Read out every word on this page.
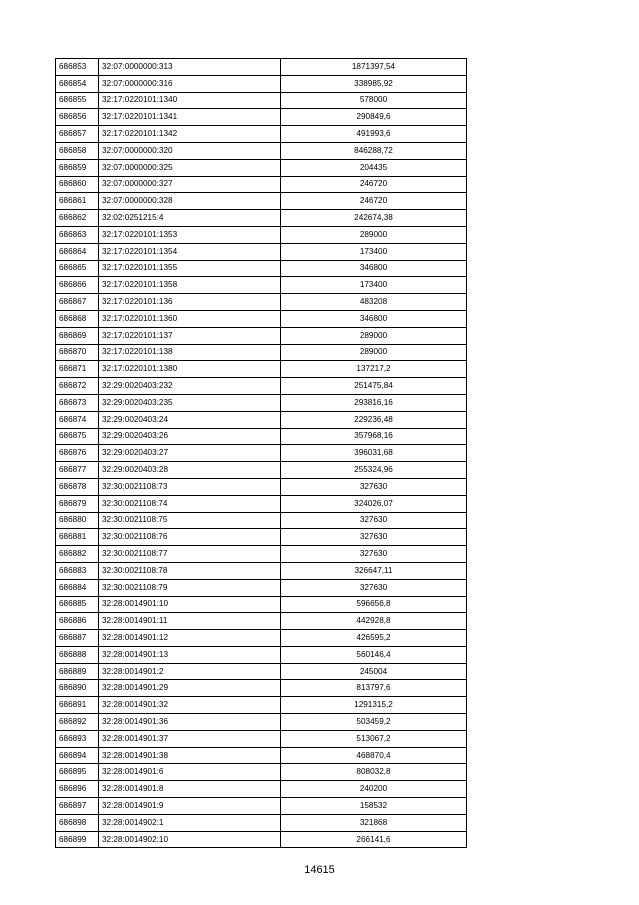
686853	32:07:0000000:313	1871397,54
686854	32:07:0000000:316	338985,92
686855	32:17:0220101:1340	578000
686856	32:17:0220101:1341	290849,6
686857	32:17:0220101:1342	491993,6
686858	32:07:0000000:320	846288,72
686859	32:07:0000000:325	204435
686860	32:07:0000000:327	246720
686861	32:07:0000000:328	246720
686862	32:02:0251215:4	242674,38
686863	32:17:0220101:1353	289000
686864	32:17:0220101:1354	173400
686865	32:17:0220101:1355	346800
686866	32:17:0220101:1358	173400
686867	32:17:0220101:136	483208
686868	32:17:0220101:1360	346800
686869	32:17:0220101:137	289000
686870	32:17:0220101:138	289000
686871	32:17:0220101:1380	137217,2
686872	32:29:0020403:232	251475,84
686873	32:29:0020403:235	293816,16
686874	32:29:0020403:24	229236,48
686875	32:29:0020403:26	357968,16
686876	32:29:0020403:27	396031,68
686877	32:29:0020403:28	255324,96
686878	32:30:0021108:73	327630
686879	32:30:0021108:74	324026,07
686880	32:30:0021108:75	327630
686881	32:30:0021108:76	327630
686882	32:30:0021108:77	327630
686883	32:30:0021108:78	326647,11
686884	32:30:0021108:79	327630
686885	32:28:0014901:10	596656,8
686886	32:28:0014901:11	442928,8
686887	32:28:0014901:12	426595,2
686888	32:28:0014901:13	560146,4
686889	32:28:0014901:2	245004
686890	32:28:0014901:29	813797,6
686891	32:28:0014901:32	1291315,2
686892	32:28:0014901:36	503459,2
686893	32:28:0014901:37	513067,2
686894	32:28:0014901:38	468870,4
686895	32:28:0014901:6	808032,8
686896	32:28:0014901:8	240200
686897	32:28:0014901:9	158532
686898	32:28:0014902:1	321868
686899	32:28:0014902:10	266141,6
14615
